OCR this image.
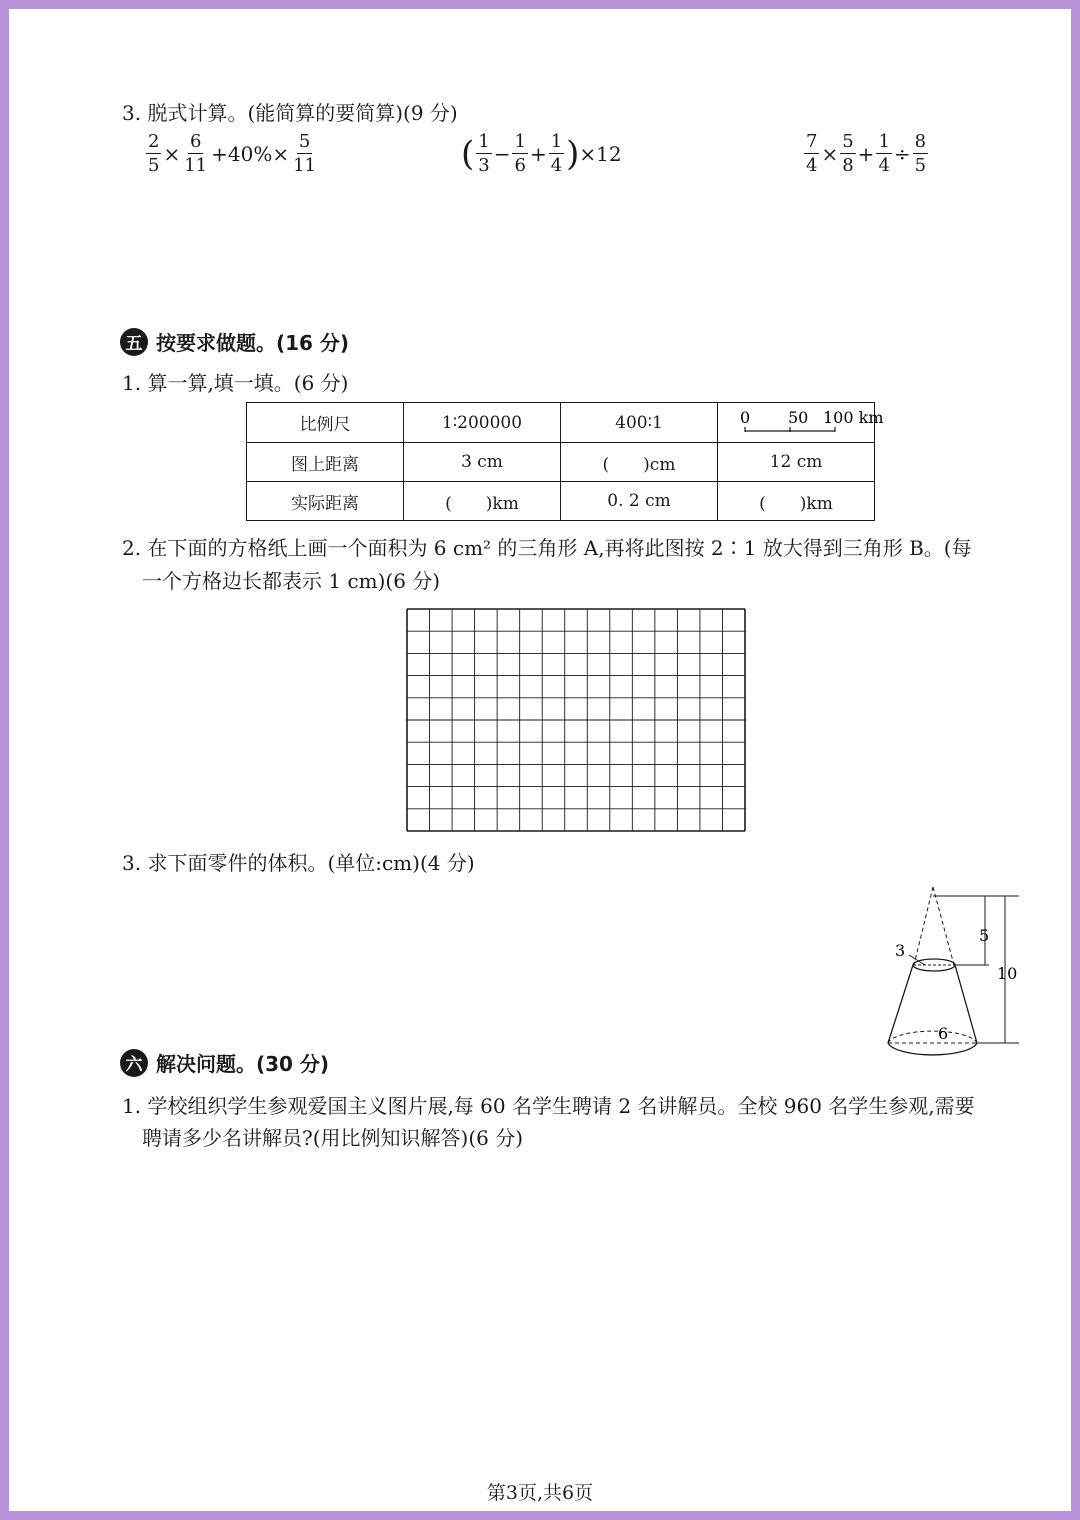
3. 脱式计算。(能简算的要简算)(9 分)
$\frac{2}{5} \times \frac{6}{11} +40\%\times \frac{5}{11}$	( $\frac{1}{3} - \frac{1}{6} + \frac{1}{4}$ ) ×12	$\frac{7}{4} \times \frac{5}{8} + \frac{1}{4} \div \frac{8}{5}$
五 按要求做题。(16 分)
1. 算一算,填一填。(6 分)
比例尺	1∶200000	400∶1	0 50 100 km

图上距离	3 cm	(　　)cm	12 cm
实际距离	(　　)km	0. 2 cm	(　　)km
2. 在下面的方格纸上画一个面积为 6 cm² 的三角形 A,再将此图按 2∶1 放大得到三角形 B。(每
一个方格边长都表示 1 cm)(6 分)
3. 求下面零件的体积。(单位:cm)(4 分)
3
5
10
6
六 解决问题。(30 分)
1. 学校组织学生参观爱国主义图片展,每 60 名学生聘请 2 名讲解员。全校 960 名学生参观,需要
聘请多少名讲解员?(用比例知识解答)(6 分)
第3页,共6页
